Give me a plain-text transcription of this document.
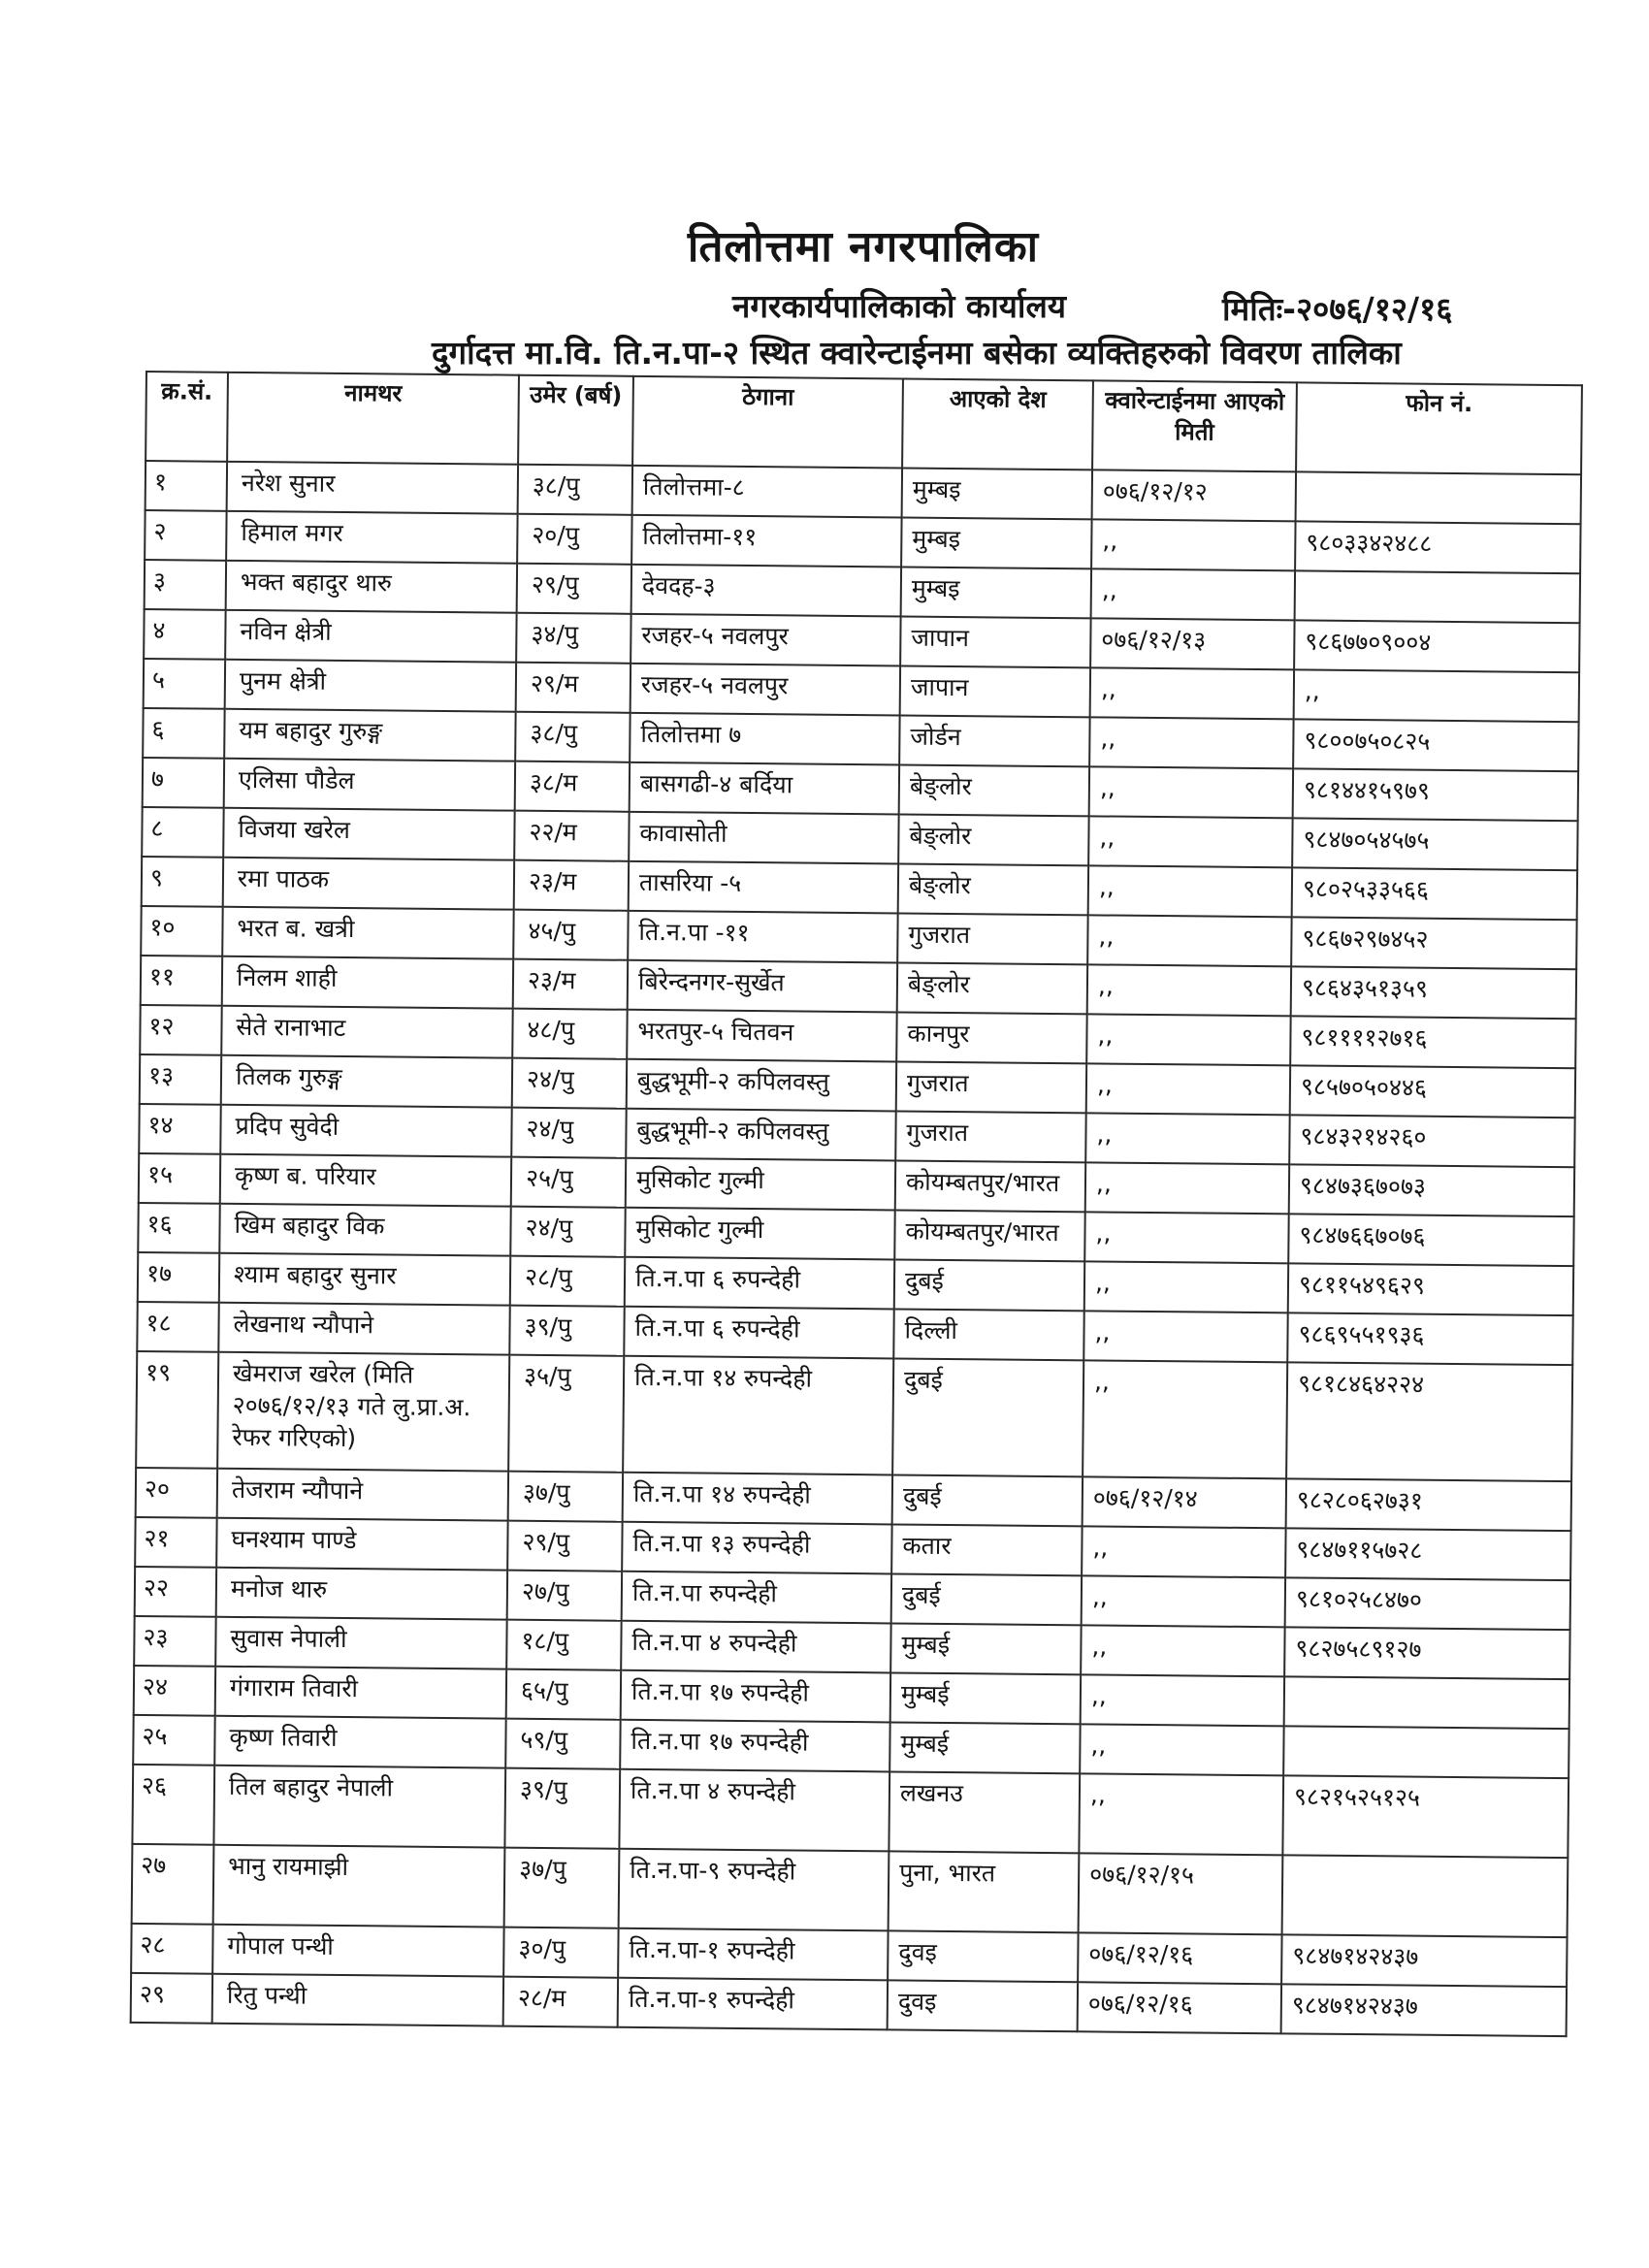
तिलोत्तमा नगरपालिका
नगरकार्यपालिकाको कार्यालय	मितिः-२०७६/१२/१६
दुर्गादत्त मा.वि. ति.न.पा-२ स्थित क्वारेन्टाईनमा बसेका व्यक्तिहरुको विवरण तालिका
क्र.सं.	नामथर	उमेर (बर्ष)	ठेगाना	आएको देश	क्वारेन्टाईनमा आएको मिती	फोन नं.
१	नरेश सुनार	३८/पु	तिलोत्तमा-८	मुम्बइ	०७६/१२/१२	
२	हिमाल मगर	२०/पु	तिलोत्तमा-११	मुम्बइ	,,	९८०३३४२४८८
३	भक्त बहादुर थारु	२९/पु	देवदह-३	मुम्बइ	,,	
४	नविन क्षेत्री	३४/पु	रजहर-५ नवलपुर	जापान	०७६/१२/१३	९८६७७०९००४
५	पुनम क्षेत्री	२९/म	रजहर-५ नवलपुर	जापान	,,	,,
६	यम बहादुर गुरुङ्ग	३८/पु	तिलोत्तमा ७	जोर्डन	,,	९८००७५०८२५
७	एलिसा पौडेल	३८/म	बासगढी-४ बर्दिया	बेङ्लोर	,,	९८१४४१५९७९
८	विजया खरेल	२२/म	कावासोती	बेङ्लोर	,,	९८४७०५४५७५
९	रमा पाठक	२३/म	तासरिया -५	बेङ्लोर	,,	९८०२५३३५६६
१०	भरत ब. खत्री	४५/पु	ति.न.पा -११	गुजरात	,,	९८६७२९७४५२
११	निलम शाही	२३/म	बिरेन्दनगर-सुर्खेत	बेङ्लोर	,,	९८६४३५१३५९
१२	सेते रानाभाट	४८/पु	भरतपुर-५ चितवन	कानपुर	,,	९८११११२७१६
१३	तिलक गुरुङ्ग	२४/पु	बुद्धभूमी-२ कपिलवस्तु	गुजरात	,,	९८५७०५०४४६
१४	प्रदिप सुवेदी	२४/पु	बुद्धभूमी-२ कपिलवस्तु	गुजरात	,,	९८४३२१४२६०
१५	कृष्ण ब. परियार	२५/पु	मुसिकोट गुल्मी	कोयम्बतपुर/भारत	,,	९८४७३६७०७३
१६	खिम बहादुर विक	२४/पु	मुसिकोट गुल्मी	कोयम्बतपुर/भारत	,,	९८४७६६७०७६
१७	श्याम बहादुर सुनार	२८/पु	ति.न.पा ६ रुपन्देही	दुबई	,,	९८११५४९६२९
१८	लेखनाथ न्यौपाने	३९/पु	ति.न.पा ६ रुपन्देही	दिल्ली	,,	९८६९५५१९३६
१९	खेमराज खरेल (मिति २०७६/१२/१३ गते लु.प्रा.अ. रेफर गरिएको)	३५/पु	ति.न.पा १४ रुपन्देही	दुबई	,,	९८१८४६४२२४
२०	तेजराम न्यौपाने	३७/पु	ति.न.पा १४ रुपन्देही	दुबई	०७६/१२/१४	९८२८०६२७३१
२१	घनश्याम पाण्डे	२९/पु	ति.न.पा १३ रुपन्देही	कतार	,,	९८४७११५७२८
२२	मनोज थारु	२७/पु	ति.न.पा रुपन्देही	दुबई	,,	९८१०२५८४७०
२३	सुवास नेपाली	१८/पु	ति.न.पा ४ रुपन्देही	मुम्बई	,,	९८२७५८९१२७
२४	गंगाराम तिवारी	६५/पु	ति.न.पा १७ रुपन्देही	मुम्बई	,,	
२५	कृष्ण तिवारी	५९/पु	ति.न.पा १७ रुपन्देही	मुम्बई	,,	
२६	तिल बहादुर नेपाली	३९/पु	ति.न.पा ४ रुपन्देही	लखनउ	,,	९८२१५२५१२५
२७	भानु रायमाझी	३७/पु	ति.न.पा-९ रुपन्देही	पुना, भारत	०७६/१२/१५	
२८	गोपाल पन्थी	३०/पु	ति.न.पा-१ रुपन्देही	दुवइ	०७६/१२/१६	९८४७१४२४३७
२९	रितु पन्थी	२८/म	ति.न.पा-१ रुपन्देही	दुवइ	०७६/१२/१६	९८४७१४२४३७
